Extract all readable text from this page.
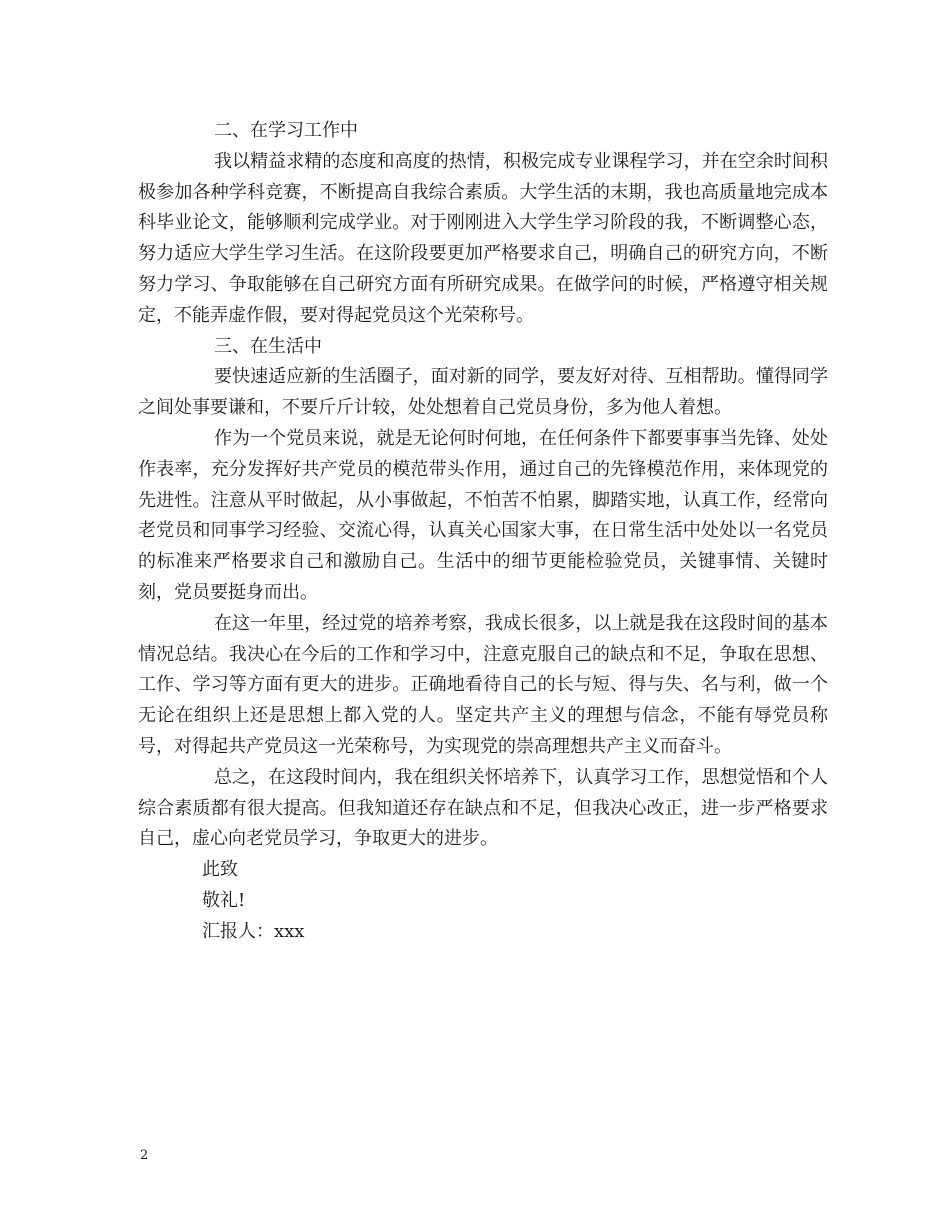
二、在学习工作中

我以精益求精的态度和高度的热情，积极完成专业课程学习，并在空余时间积极参加各种学科竞赛，不断提高自我综合素质。大学生活的末期，我也高质量地完成本科毕业论文，能够顺利完成学业。对于刚刚进入大学生学习阶段的我，不断调整心态，努力适应大学生学习生活。在这阶段要更加严格要求自己，明确自己的研究方向，不断努力学习、争取能够在自己研究方面有所研究成果。在做学问的时候，严格遵守相关规定，不能弄虚作假，要对得起党员这个光荣称号。

三、在生活中

要快速适应新的生活圈子，面对新的同学，要友好对待、互相帮助。懂得同学之间处事要谦和，不要斤斤计较，处处想着自己党员身份，多为他人着想。

作为一个党员来说，就是无论何时何地，在任何条件下都要事事当先锋、处处作表率，充分发挥好共产党员的模范带头作用，通过自己的先锋模范作用，来体现党的先进性。注意从平时做起，从小事做起，不怕苦不怕累，脚踏实地，认真工作，经常向老党员和同事学习经验、交流心得，认真关心国家大事，在日常生活中处处以一名党员的标准来严格要求自己和激励自己。生活中的细节更能检验党员，关键事情、关键时刻，党员要挺身而出。

在这一年里，经过党的培养考察，我成长很多，以上就是我在这段时间的基本情况总结。我决心在今后的工作和学习中，注意克服自己的缺点和不足，争取在思想、工作、学习等方面有更大的进步。正确地看待自己的长与短、得与失、名与利，做一个无论在组织上还是思想上都入党的人。坚定共产主义的理想与信念，不能有辱党员称号，对得起共产党员这一光荣称号，为实现党的崇高理想共产主义而奋斗。

总之，在这段时间内，我在组织关怀培养下，认真学习工作，思想觉悟和个人综合素质都有很大提高。但我知道还存在缺点和不足，但我决心改正，进一步严格要求自己，虚心向老党员学习，争取更大的进步。

此致

敬礼!

汇报人：xxx

2
